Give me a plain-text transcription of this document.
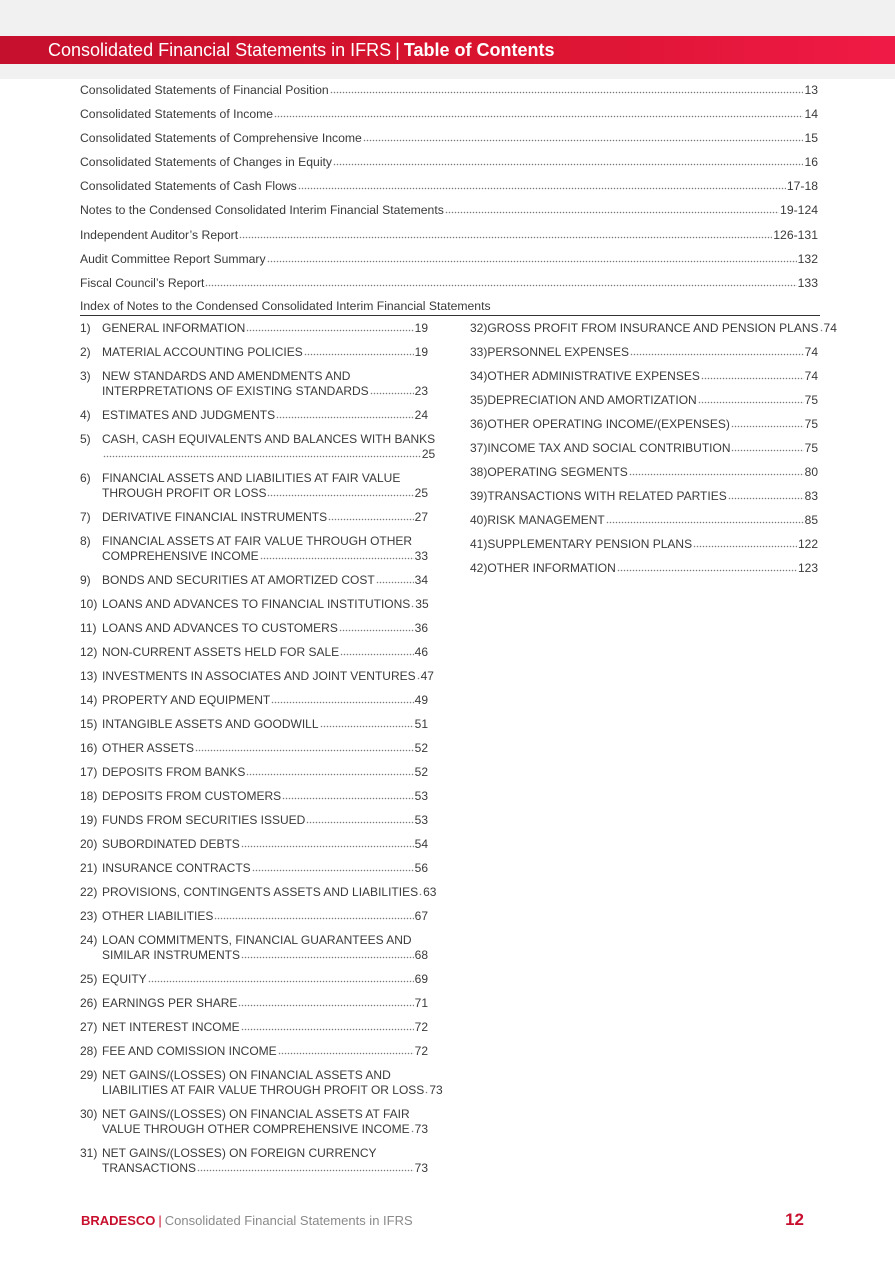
Consolidated Financial Statements in IFRS | Table of Contents
Consolidated Statements of Financial Position	13
Consolidated Statements of Income	14
Consolidated Statements of Comprehensive Income	15
Consolidated Statements of Changes in Equity	16
Consolidated Statements of Cash Flows	17-18
Notes to the Condensed Consolidated Interim Financial Statements	19-124
Independent Auditor’s Report	126-131
Audit Committee Report Summary	132
Fiscal Council’s Report	133
Index of Notes to the Condensed Consolidated Interim Financial Statements
1) GENERAL INFORMATION	19
2) MATERIAL ACCOUNTING POLICIES	19
3) NEW STANDARDS AND AMENDMENTS AND
INTERPRETATIONS OF EXISTING STANDARDS	23
4) ESTIMATES AND JUDGMENTS	24
5) CASH, CASH EQUIVALENTS AND BALANCES WITH BANKS
25
6) FINANCIAL ASSETS AND LIABILITIES AT FAIR VALUE
THROUGH PROFIT OR LOSS	25
7) DERIVATIVE FINANCIAL INSTRUMENTS	27
8) FINANCIAL ASSETS AT FAIR VALUE THROUGH OTHER
COMPREHENSIVE INCOME	33
9) BONDS AND SECURITIES AT AMORTIZED COST	34
10) LOANS AND ADVANCES TO FINANCIAL INSTITUTIONS 35
11) LOANS AND ADVANCES TO CUSTOMERS	36
12) NON-CURRENT ASSETS HELD FOR SALE	46
13) INVESTMENTS IN ASSOCIATES AND JOINT VENTURES 47
14) PROPERTY AND EQUIPMENT	49
15) INTANGIBLE ASSETS AND GOODWILL	51
16) OTHER ASSETS	52
17) DEPOSITS FROM BANKS	52
18) DEPOSITS FROM CUSTOMERS	53
19) FUNDS FROM SECURITIES ISSUED	53
20) SUBORDINATED DEBTS	54
21) INSURANCE CONTRACTS	56
22) PROVISIONS, CONTINGENTS ASSETS AND LIABILITIES 63
23) OTHER LIABILITIES	67
24) LOAN COMMITMENTS, FINANCIAL GUARANTEES AND
SIMILAR INSTRUMENTS	68
25) EQUITY	69
26) EARNINGS PER SHARE	71
27) NET INTEREST INCOME	72
28) FEE AND COMISSION INCOME	72
29) NET GAINS/(LOSSES) ON FINANCIAL ASSETS AND
LIABILITIES AT FAIR VALUE THROUGH PROFIT OR LOSS 73
30) NET GAINS/(LOSSES) ON FINANCIAL ASSETS AT FAIR
VALUE THROUGH OTHER COMPREHENSIVE INCOME 73
31) NET GAINS/(LOSSES) ON FOREIGN CURRENCY
TRANSACTIONS	73
32) GROSS PROFIT FROM INSURANCE AND PENSION PLANS 74
33) PERSONNEL EXPENSES	74
34) OTHER ADMINISTRATIVE EXPENSES	74
35) DEPRECIATION AND AMORTIZATION	75
36) OTHER OPERATING INCOME/(EXPENSES)	75
37) INCOME TAX AND SOCIAL CONTRIBUTION	75
38) OPERATING SEGMENTS	80
39) TRANSACTIONS WITH RELATED PARTIES	83
40) RISK MANAGEMENT	85
41) SUPPLEMENTARY PENSION PLANS	122
42) OTHER INFORMATION	123
BRADESCO | Consolidated Financial Statements in IFRS	12
